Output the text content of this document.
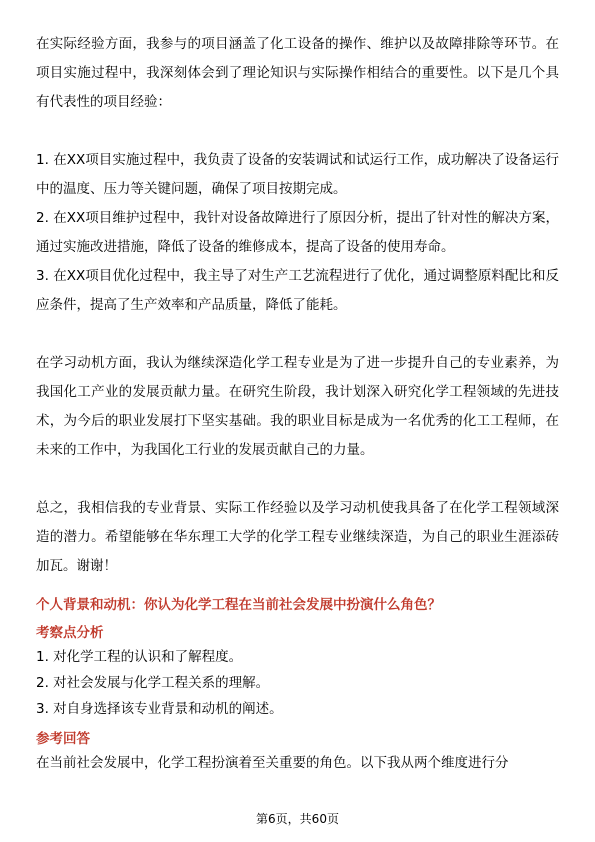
在实际经验方面，我参与的项目涵盖了化工设备的操作、维护以及故障排除等环节。在项目实施过程中，我深刻体会到了理论知识与实际操作相结合的重要性。以下是几个具有代表性的项目经验：

1. 在XX项目实施过程中，我负责了设备的安装调试和试运行工作，成功解决了设备运行中的温度、压力等关键问题，确保了项目按期完成。

2. 在XX项目维护过程中，我针对设备故障进行了原因分析，提出了针对性的解决方案，通过实施改进措施，降低了设备的维修成本，提高了设备的使用寿命。

3. 在XX项目优化过程中，我主导了对生产工艺流程进行了优化，通过调整原料配比和反应条件，提高了生产效率和产品质量，降低了能耗。

在学习动机方面，我认为继续深造化学工程专业是为了进一步提升自己的专业素养，为我国化工产业的发展贡献力量。在研究生阶段，我计划深入研究化学工程领域的先进技术，为今后的职业发展打下坚实基础。我的职业目标是成为一名优秀的化工工程师，在未来的工作中，为我国化工行业的发展贡献自己的力量。

总之，我相信我的专业背景、实际工作经验以及学习动机使我具备了在化学工程领域深造的潜力。希望能够在华东理工大学的化学工程专业继续深造，为自己的职业生涯添砖加瓦。谢谢！

个人背景和动机：你认为化学工程在当前社会发展中扮演什么角色？

考察点分析

1. 对化学工程的认识和了解程度。

2. 对社会发展与化学工程关系的理解。

3. 对自身选择该专业背景和动机的阐述。

参考回答

在当前社会发展中，化学工程扮演着至关重要的角色。以下我从两个维度进行分

第6页，共60页
